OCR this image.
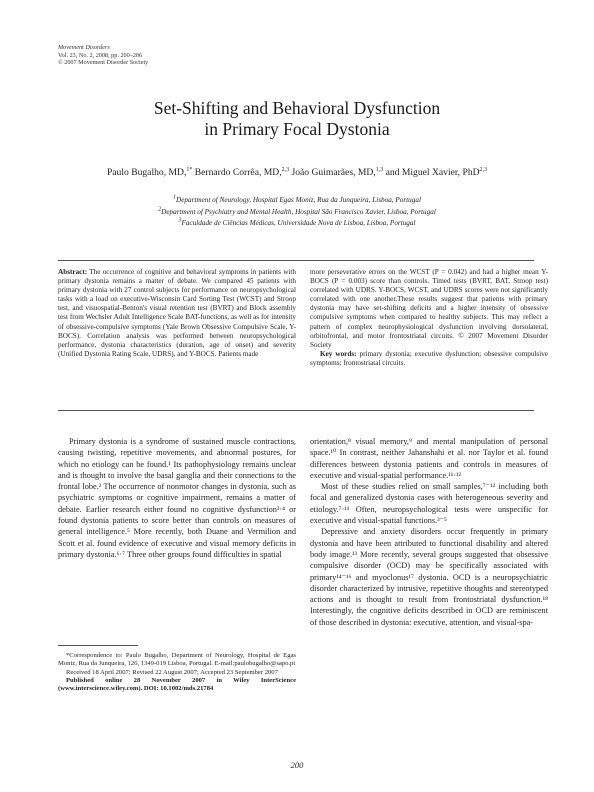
Movement Disorders
Vol. 23, No. 2, 2008, pp. 200–206
© 2007 Movement Disorder Society
Set-Shifting and Behavioral Dysfunction
in Primary Focal Dystonia
Paulo Bugalho, MD,$^{1*}$ Bernardo Corrêa, MD,$^{2,3}$ João Guimarães, MD,$^{1,3}$ and Miguel Xavier, PhD$^{2,3}$
$^1$Department of Neurology, Hospital Egas Moniz, Rua da Junqueira, Lisboa, Portugal
$^2$Department of Psychiatry and Mental Health, Hospital São Francisco Xavier, Lisboa, Portugal
$^3$Faculdade de Ciências Médicas, Universidade Nova de Lisboa, Lisboa, Portugal

Abstract: The occurrence of cognitive and behavioral symptoms in patients with primary dystonia remains a matter of debate. We compared 45 patients with primary dystonia with 27 control subjects for performance on neuropsychological tasks with a load on executive-Wisconsin Card Sorting Test (WCST) and Stroop test, and visuospatial-Benton's visual retention test (BVRT) and Block assembly test from Wechsler Adult Intelligence Scale BAT-functions, as well as for intensity of obsessive-compulsive symptoms (Yale Brown Obsessive Compulsive Scale, Y-BOCS). Correlation analysis was performed between neuropsychological performance, dystonia characteristics (duration, age of onset) and severity (Unified Dystonia Rating Scale, UDRS), and Y-BOCS. Patients made

more perseverative errors on the WCST (P = 0.042) and had a higher mean Y-BOCS (P = 0.003) score than controls. Timed tests (BVRT, BAT, Stroop test) correlated with UDRS. Y-BOCS, WCST, and UDRS scores were not significantly correlated with one another.These results suggest that patients with primary dystonia may have set-shifting deficits and a higher intensity of obsessive compulsive symptoms when compared to healthy subjects. This may reflect a pattern of complex neurophysiological dysfunction involving dorsolateral, orbitofrontal, and motor frontostriatal circuits. © 2007 Movement Disorder Society

Key words: primary dystonia; executive dysfunction; obsessive compulsive symptoms; frontostriatal circuits.

Primary dystonia is a syndrome of sustained muscle contractions, causing twisting, repetitive movements, and abnormal postures, for which no etiology can be found.¹ Its pathophysiology remains unclear and is thought to involve the basal ganglia and their connections to the frontal lobe.² The occurrence of nonmotor changes in dystonia, such as psychiatric symptoms or cognitive impairment, remains a matter of debate. Earlier research either found no cognitive dysfunction³·⁴ or found dystonia patients to score better than controls on measures of general intelligence.⁵ More recently, both Duane and Vermilion and Scott et al. found evidence of executive and visual memory deficits in primary dystonia.⁶·⁷ Three other groups found difficulties in spatial

orientation,⁸ visual memory,⁹ and mental manipulation of personal space.¹⁰ In contrast, neither Jahanshahi et al. nor Taylor et al. found differences between dystonia patients and controls in measures of executive and visual-spatial performance.¹¹·¹²

Most of these studies relied on small samples,⁷⁻¹² including both focal and generalized dystonia cases with heterogeneous severity and etiology.⁷·¹¹ Often, neuropsychological tests were unspecific for executive and visual-spatial functions.³⁻⁵

Depressive and anxiety disorders occur frequently in primary dystonia and have been attributed to functional disability and altered body image.¹³ More recently, several groups suggested that obsessive compulsive disorder (OCD) may be specifically associated with primary¹⁴⁻¹⁶ and myoclonus¹⁷ dystonia. OCD is a neuropsychiatric disorder characterized by intrusive, repetitive thoughts and stereotyped actions and is thought to result from frontostriatal dysfunction.¹⁸ Interestingly, the cognitive deficits described in OCD are reminiscent of those described in dystonia: executive, attention, and visual-spa-

*Correspondence to: Paulo Bugalho, Department of Neurology, Hospital de Egas Moniz, Rua da Junqueira, 126, 1349-019 Lisboa, Portugal. E-mail:paulobugalho@sapo.pt

Received 18 April 2007; Revised 22 August 2007; Accepted 23 September 2007

Published online 28 November 2007 in Wiley InterScience (www.interscience.wiley.com). DOI: 10.1002/mds.21784

200
